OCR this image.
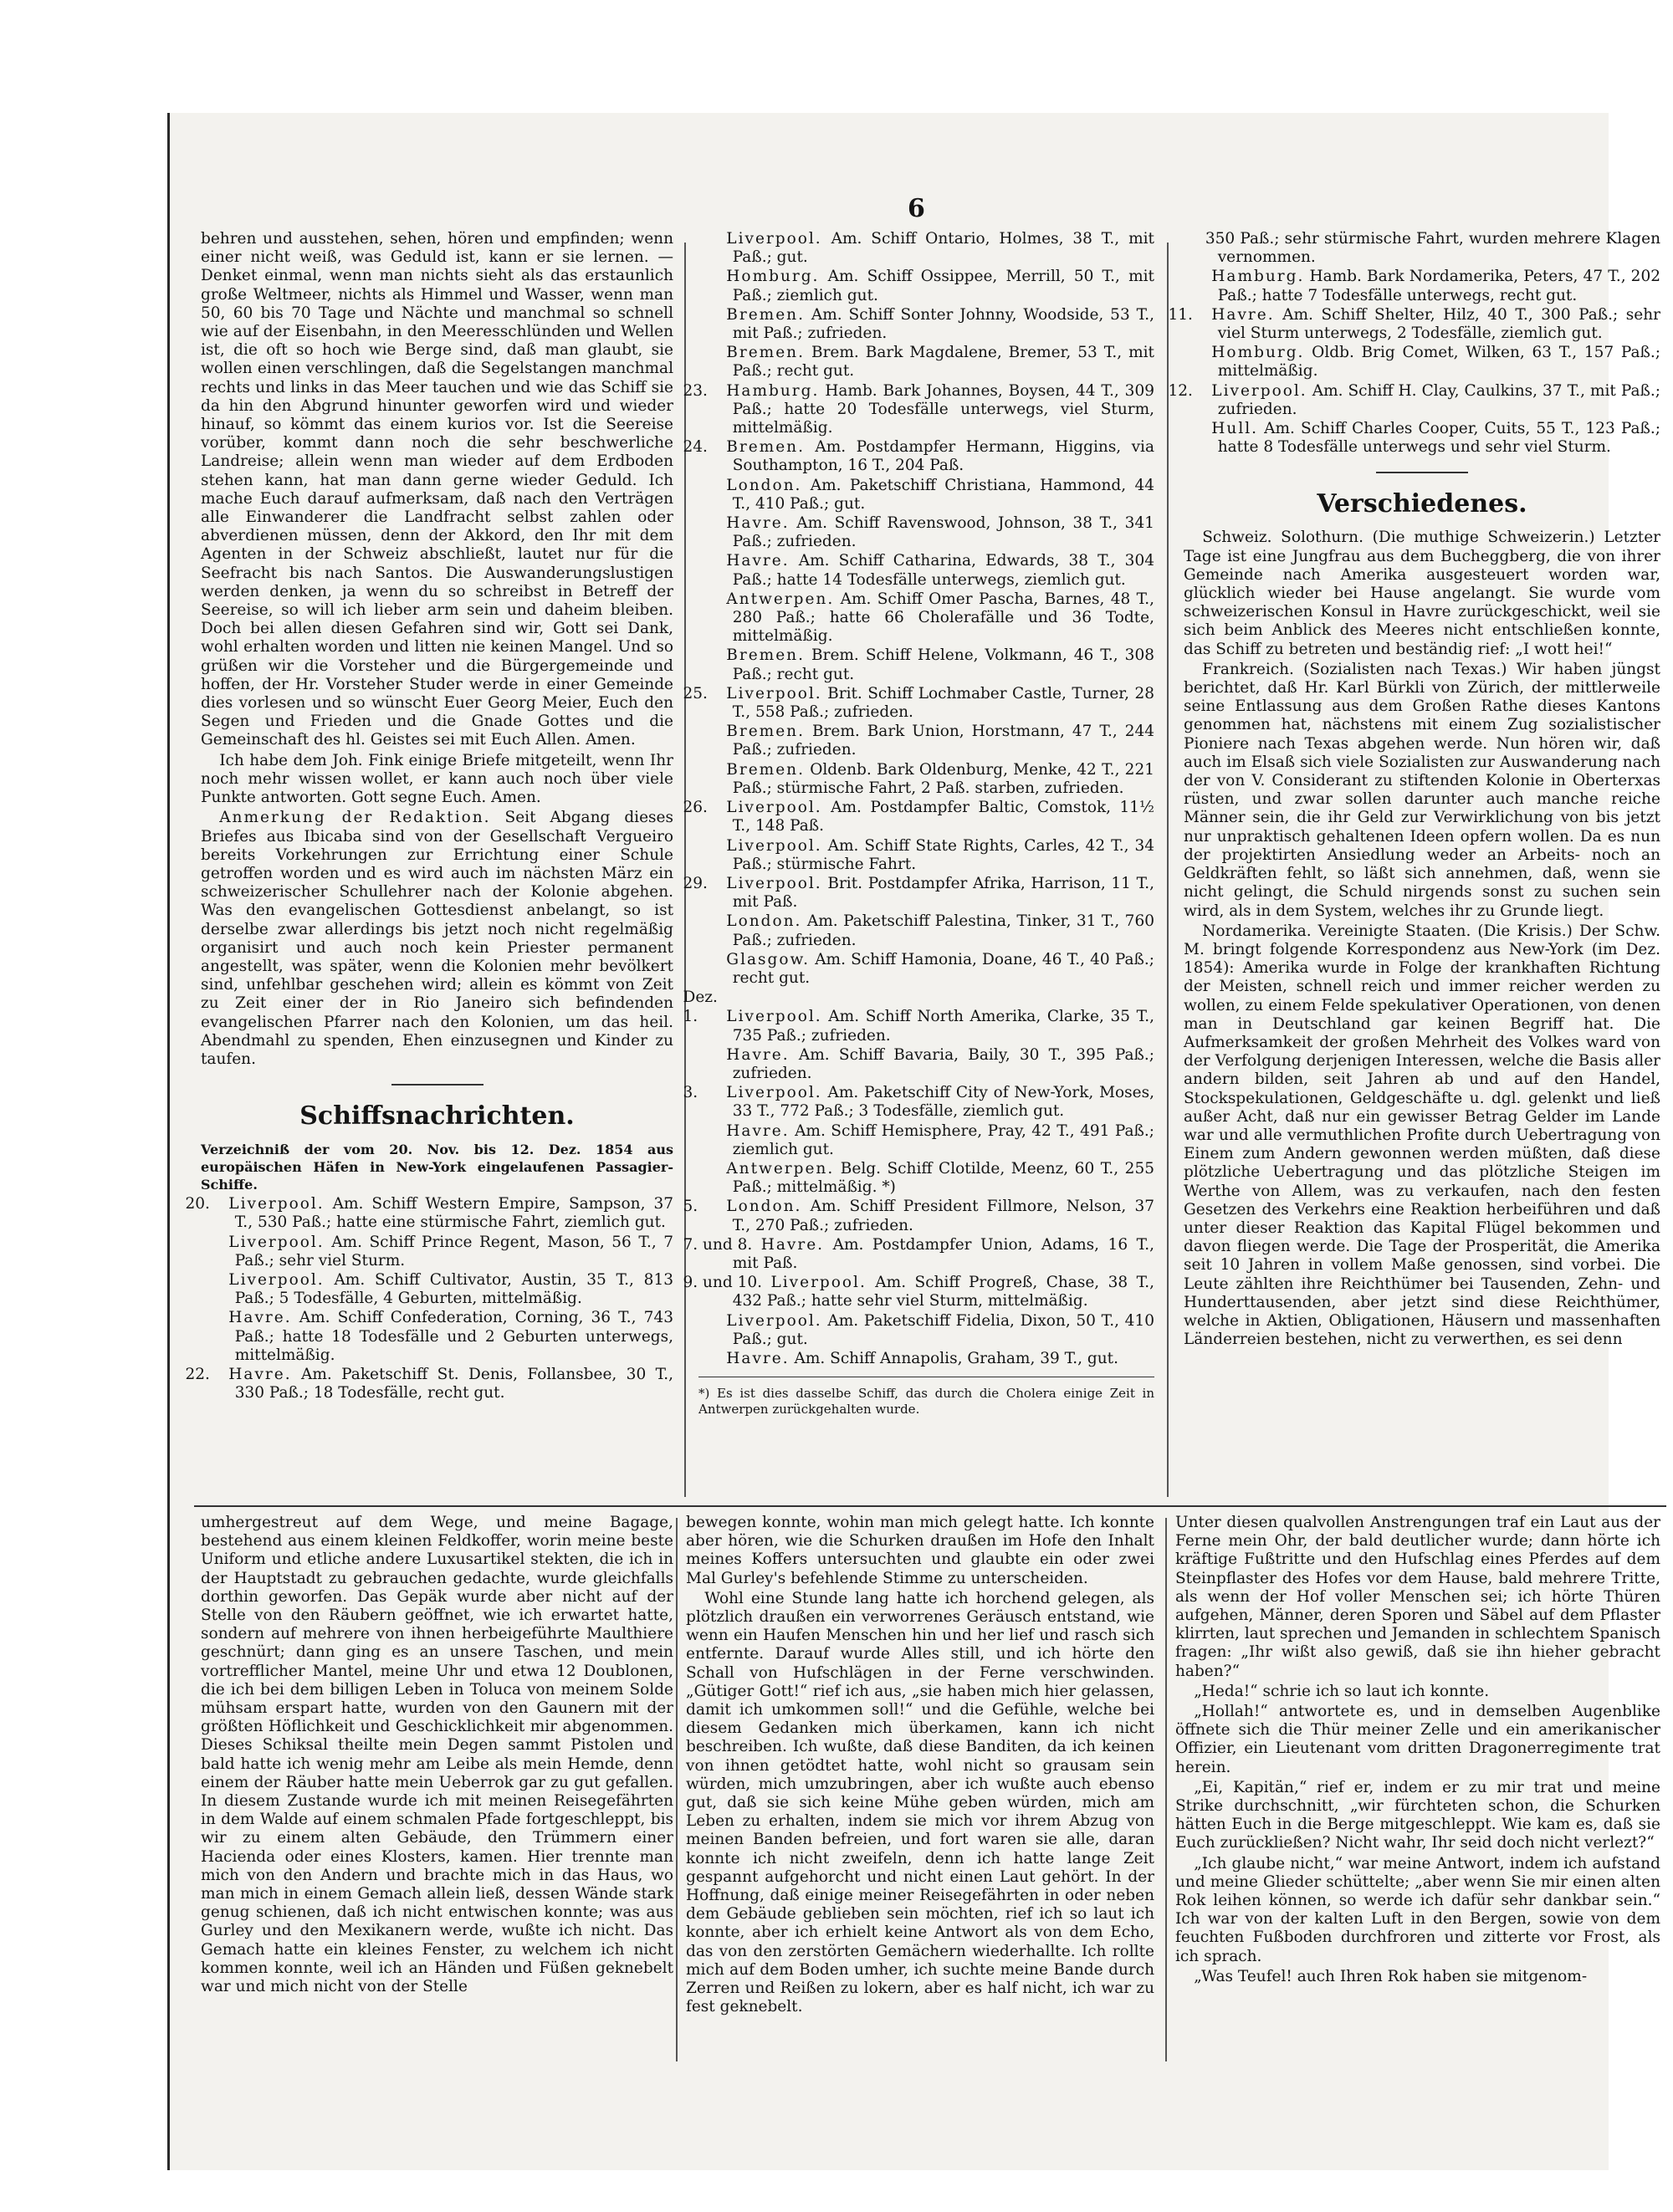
6

behren und ausstehen, sehen, hören und empfinden; wenn einer nicht weiß, was Geduld ist, kann er sie lernen. — Denket einmal, wenn man nichts sieht als das erstaunlich große Weltmeer, nichts als Himmel und Wasser, wenn man 50, 60 bis 70 Tage und Nächte und manchmal so schnell wie auf der Eisenbahn, in den Meeresschlünden und Wellen ist, die oft so hoch wie Berge sind, daß man glaubt, sie wollen einen verschlingen, daß die Segelstangen manchmal rechts und links in das Meer tauchen und wie das Schiff sie da hin den Abgrund hinunter geworfen wird und wieder hinauf, so kömmt das einem kurios vor. Ist die Seereise vorüber, kommt dann noch die sehr beschwerliche Landreise; allein wenn man wieder auf dem Erdboden stehen kann, hat man dann gerne wieder Geduld. Ich mache Euch darauf aufmerksam, daß nach den Verträgen alle Einwanderer die Landfracht selbst zahlen oder abverdienen müssen, denn der Akkord, den Ihr mit dem Agenten in der Schweiz abschließt, lautet nur für die Seefracht bis nach Santos. Die Auswanderungslustigen werden denken, ja wenn du so schreibst in Betreff der Seereise, so will ich lieber arm sein und daheim bleiben. Doch bei allen diesen Gefahren sind wir, Gott sei Dank, wohl erhalten worden und litten nie keinen Mangel. Und so grüßen wir die Vorsteher und die Bürgergemeinde und hoffen, der Hr. Vorsteher Studer werde in einer Gemeinde dies vorlesen und so wünscht Euer Georg Meier, Euch den Segen und Frieden und die Gnade Gottes und die Gemeinschaft des hl. Geistes sei mit Euch Allen. Amen.

Ich habe dem Joh. Fink einige Briefe mitgeteilt, wenn Ihr noch mehr wissen wollet, er kann auch noch über viele Punkte antworten. Gott segne Euch. Amen.

Anmerkung der Redaktion. Seit Abgang dieses Briefes aus Ibicaba sind von der Gesellschaft Vergueiro bereits Vorkehrungen zur Errichtung einer Schule getroffen worden und es wird auch im nächsten März ein schweizerischer Schullehrer nach der Kolonie abgehen. Was den evangelischen Gottesdienst anbelangt, so ist derselbe zwar allerdings bis jetzt noch nicht regelmäßig organisirt und auch noch kein Priester permanent angestellt, was später, wenn die Kolonien mehr bevölkert sind, unfehlbar geschehen wird; allein es kömmt von Zeit zu Zeit einer der in Rio Janeiro sich befindenden evangelischen Pfarrer nach den Kolonien, um das heil. Abendmahl zu spenden, Ehen einzusegnen und Kinder zu taufen.

Schiffsnachrichten.

Verzeichniß der vom 20. Nov. bis 12. Dez. 1854 aus europäischen Häfen in New-York eingelaufenen Passagier-Schiffe.

20. Liverpool. Am. Schiff Western Empire, Sampson, 37 T., 530 Paß.; hatte eine stürmische Fahrt, ziemlich gut.
Liverpool. Am. Schiff Prince Regent, Mason, 56 T., 7 Paß.; sehr viel Sturm.
Liverpool. Am. Schiff Cultivator, Austin, 35 T., 813 Paß.; 5 Todesfälle, 4 Geburten, mittelmäßig.
Havre. Am. Schiff Confederation, Corning, 36 T., 743 Paß.; hatte 18 Todesfälle und 2 Geburten unterwegs, mittelmäßig.
22. Havre. Am. Paketschiff St. Denis, Follansbee, 30 T., 330 Paß.; 18 Todesfälle, recht gut.
Liverpool. Am. Schiff Ontario, Holmes, 38 T., mit Paß.; gut.
Homburg. Am. Schiff Ossippee, Merrill, 50 T., mit Paß.; ziemlich gut.
Bremen. Am. Schiff Sonter Johnny, Woodside, 53 T., mit Paß.; zufrieden.
Bremen. Brem. Bark Magdalene, Bremer, 53 T., mit Paß.; recht gut.
23. Hamburg. Hamb. Bark Johannes, Boysen, 44 T., 309 Paß.; hatte 20 Todesfälle unterwegs, viel Sturm, mittelmäßig.
24. Bremen. Am. Postdampfer Hermann, Higgins, via Southampton, 16 T., 204 Paß.
London. Am. Paketschiff Christiana, Hammond, 44 T., 410 Paß.; gut.
Havre. Am. Schiff Ravenswood, Johnson, 38 T., 341 Paß.; zufrieden.
Havre. Am. Schiff Catharina, Edwards, 38 T., 304 Paß.; hatte 14 Todesfälle unterwegs, ziemlich gut.
Antwerpen. Am. Schiff Omer Pascha, Barnes, 48 T., 280 Paß.; hatte 66 Cholerafälle und 36 Todte, mittelmäßig.
Bremen. Brem. Schiff Helene, Volkmann, 46 T., 308 Paß.; recht gut.
25. Liverpool. Brit. Schiff Lochmaber Castle, Turner, 28 T., 558 Paß.; zufrieden.
Bremen. Brem. Bark Union, Horstmann, 47 T., 244 Paß.; zufrieden.
Bremen. Oldenb. Bark Oldenburg, Menke, 42 T., 221 Paß.; stürmische Fahrt, 2 Paß. starben, zufrieden.
26. Liverpool. Am. Postdampfer Baltic, Comstok, 11½ T., 148 Paß.
Liverpool. Am. Schiff State Rights, Carles, 42 T., 34 Paß.; stürmische Fahrt.
29. Liverpool. Brit. Postdampfer Afrika, Harrison, 11 T., mit Paß.
London. Am. Paketschiff Palestina, Tinker, 31 T., 760 Paß.; zufrieden.
Glasgow. Am. Schiff Hamonia, Doane, 46 T., 40 Paß.; recht gut.
Dez.
1. Liverpool. Am. Schiff North Amerika, Clarke, 35 T., 735 Paß.; zufrieden.
Havre. Am. Schiff Bavaria, Baily, 30 T., 395 Paß.; zufrieden.
3. Liverpool. Am. Paketschiff City of New-York, Moses, 33 T., 772 Paß.; 3 Todesfälle, ziemlich gut.
Havre. Am. Schiff Hemisphere, Pray, 42 T., 491 Paß.; ziemlich gut.
Antwerpen. Belg. Schiff Clotilde, Meenz, 60 T., 255 Paß.; mittelmäßig. *)
5. London. Am. Schiff President Fillmore, Nelson, 37 T., 270 Paß.; zufrieden.
7. und 8. Havre. Am. Postdampfer Union, Adams, 16 T., mit Paß.
9. und 10. Liverpool. Am. Schiff Progreß, Chase, 38 T., 432 Paß.; hatte sehr viel Sturm, mittelmäßig.
Liverpool. Am. Paketschiff Fidelia, Dixon, 50 T., 410 Paß.; gut.
Havre. Am. Schiff Annapolis, Graham, 39 T., gut.
*) Es ist dies dasselbe Schiff, das durch die Cholera einige Zeit in Antwerpen zurückgehalten wurde.
350 Paß.; sehr stürmische Fahrt, wurden mehrere Klagen vernommen.
Hamburg. Hamb. Bark Nordamerika, Peters, 47 T., 202 Paß.; hatte 7 Todesfälle unterwegs, recht gut.
11. Havre. Am. Schiff Shelter, Hilz, 40 T., 300 Paß.; sehr viel Sturm unterwegs, 2 Todesfälle, ziemlich gut.
Homburg. Oldb. Brig Comet, Wilken, 63 T., 157 Paß.; mittelmäßig.
12. Liverpool. Am. Schiff H. Clay, Caulkins, 37 T., mit Paß.; zufrieden.
Hull. Am. Schiff Charles Cooper, Cuits, 55 T., 123 Paß.; hatte 8 Todesfälle unterwegs und sehr viel Sturm.
Verschiedenes.

Schweiz. Solothurn. (Die muthige Schweizerin.) Letzter Tage ist eine Jungfrau aus dem Bucheggberg, die von ihrer Gemeinde nach Amerika ausgesteuert worden war, glücklich wieder bei Hause angelangt. Sie wurde vom schweizerischen Konsul in Havre zurückgeschickt, weil sie sich beim Anblick des Meeres nicht entschließen konnte, das Schiff zu betreten und beständig rief: „I wott hei!“

Frankreich. (Sozialisten nach Texas.) Wir haben jüngst berichtet, daß Hr. Karl Bürkli von Zürich, der mittlerweile seine Entlassung aus dem Großen Rathe dieses Kantons genommen hat, nächstens mit einem Zug sozialistischer Pioniere nach Texas abgehen werde. Nun hören wir, daß auch im Elsaß sich viele Sozialisten zur Auswanderung nach der von V. Considerant zu stiftenden Kolonie in Oberterxas rüsten, und zwar sollen darunter auch manche reiche Männer sein, die ihr Geld zur Verwirklichung von bis jetzt nur unpraktisch gehaltenen Ideen opfern wollen. Da es nun der projektirten Ansiedlung weder an Arbeits- noch an Geldkräften fehlt, so läßt sich annehmen, daß, wenn sie nicht gelingt, die Schuld nirgends sonst zu suchen sein wird, als in dem System, welches ihr zu Grunde liegt.

Nordamerika. Vereinigte Staaten. (Die Krisis.) Der Schw. M. bringt folgende Korrespondenz aus New-York (im Dez. 1854): Amerika wurde in Folge der krankhaften Richtung der Meisten, schnell reich und immer reicher werden zu wollen, zu einem Felde spekulativer Operationen, von denen man in Deutschland gar keinen Begriff hat. Die Aufmerksamkeit der großen Mehrheit des Volkes ward von der Verfolgung derjenigen Interessen, welche die Basis aller andern bilden, seit Jahren ab und auf den Handel, Stockspekulationen, Geldgeschäfte u. dgl. gelenkt und ließ außer Acht, daß nur ein gewisser Betrag Gelder im Lande war und alle vermuthlichen Profite durch Uebertragung von Einem zum Andern gewonnen werden müßten, daß diese plötzliche Uebertragung und das plötzliche Steigen im Werthe von Allem, was zu verkaufen, nach den festen Gesetzen des Verkehrs eine Reaktion herbeiführen und daß unter dieser Reaktion das Kapital Flügel bekommen und davon fliegen werde. Die Tage der Prosperität, die Amerika seit 10 Jahren in vollem Maße genossen, sind vorbei. Die Leute zählten ihre Reichthümer bei Tausenden, Zehn- und Hunderttausenden, aber jetzt sind diese Reichthümer, welche in Aktien, Obligationen, Häusern und massenhaften Länderreien bestehen, nicht zu verwerthen, es sei denn

umhergestreut auf dem Wege, und meine Bagage, bestehend aus einem kleinen Feldkoffer, worin meine beste Uniform und etliche andere Luxusartikel stekten, die ich in der Hauptstadt zu gebrauchen gedachte, wurde gleichfalls dorthin geworfen. Das Gepäk wurde aber nicht auf der Stelle von den Räubern geöffnet, wie ich erwartet hatte, sondern auf mehrere von ihnen herbeigeführte Maulthiere geschnürt; dann ging es an unsere Taschen, und mein vortrefflicher Mantel, meine Uhr und etwa 12 Doublonen, die ich bei dem billigen Leben in Toluca von meinem Solde mühsam erspart hatte, wurden von den Gaunern mit der größten Höflichkeit und Geschicklichkeit mir abgenommen. Dieses Schiksal theilte mein Degen sammt Pistolen und bald hatte ich wenig mehr am Leibe als mein Hemde, denn einem der Räuber hatte mein Ueberrok gar zu gut gefallen. In diesem Zustande wurde ich mit meinen Reisegefährten in dem Walde auf einem schmalen Pfade fortgeschleppt, bis wir zu einem alten Gebäude, den Trümmern einer Hacienda oder eines Klosters, kamen. Hier trennte man mich von den Andern und brachte mich in das Haus, wo man mich in einem Gemach allein ließ, dessen Wände stark genug schienen, daß ich nicht entwischen konnte; was aus Gurley und den Mexikanern werde, wußte ich nicht. Das Gemach hatte ein kleines Fenster, zu welchem ich nicht kommen konnte, weil ich an Händen und Füßen geknebelt war und mich nicht von der Stelle

bewegen konnte, wohin man mich gelegt hatte. Ich konnte aber hören, wie die Schurken draußen im Hofe den Inhalt meines Koffers untersuchten und glaubte ein oder zwei Mal Gurley's befehlende Stimme zu unterscheiden.

Wohl eine Stunde lang hatte ich horchend gelegen, als plötzlich draußen ein verworrenes Geräusch entstand, wie wenn ein Haufen Menschen hin und her lief und rasch sich entfernte. Darauf wurde Alles still, und ich hörte den Schall von Hufschlägen in der Ferne verschwinden. „Gütiger Gott!“ rief ich aus, „sie haben mich hier gelassen, damit ich umkommen soll!“ und die Gefühle, welche bei diesem Gedanken mich überkamen, kann ich nicht beschreiben. Ich wußte, daß diese Banditen, da ich keinen von ihnen getödtet hatte, wohl nicht so grausam sein würden, mich umzubringen, aber ich wußte auch ebenso gut, daß sie sich keine Mühe geben würden, mich am Leben zu erhalten, indem sie mich vor ihrem Abzug von meinen Banden befreien, und fort waren sie alle, daran konnte ich nicht zweifeln, denn ich hatte lange Zeit gespannt aufgehorcht und nicht einen Laut gehört. In der Hoffnung, daß einige meiner Reisegefährten in oder neben dem Gebäude geblieben sein möchten, rief ich so laut ich konnte, aber ich erhielt keine Antwort als von dem Echo, das von den zerstörten Gemächern wiederhallte. Ich rollte mich auf dem Boden umher, ich suchte meine Bande durch Zerren und Reißen zu lokern, aber es half nicht, ich war zu fest geknebelt.

Unter diesen qualvollen Anstrengungen traf ein Laut aus der Ferne mein Ohr, der bald deutlicher wurde; dann hörte ich kräftige Fußtritte und den Hufschlag eines Pferdes auf dem Steinpflaster des Hofes vor dem Hause, bald mehrere Tritte, als wenn der Hof voller Menschen sei; ich hörte Thüren aufgehen, Männer, deren Sporen und Säbel auf dem Pflaster klirrten, laut sprechen und Jemanden in schlechtem Spanisch fragen: „Ihr wißt also gewiß, daß sie ihn hieher gebracht haben?“

„Heda!“ schrie ich so laut ich konnte.

„Hollah!“ antwortete es, und in demselben Augenblike öffnete sich die Thür meiner Zelle und ein amerikanischer Offizier, ein Lieutenant vom dritten Dragonerregimente trat herein.

„Ei, Kapitän,“ rief er, indem er zu mir trat und meine Strike durchschnitt, „wir fürchteten schon, die Schurken hätten Euch in die Berge mitgeschleppt. Wie kam es, daß sie Euch zurückließen? Nicht wahr, Ihr seid doch nicht verlezt?“

„Ich glaube nicht,“ war meine Antwort, indem ich aufstand und meine Glieder schüttelte; „aber wenn Sie mir einen alten Rok leihen können, so werde ich dafür sehr dankbar sein.“ Ich war von der kalten Luft in den Bergen, sowie von dem feuchten Fußboden durchfroren und zitterte vor Frost, als ich sprach.

„Was Teufel! auch Ihren Rok haben sie mitgenom-
